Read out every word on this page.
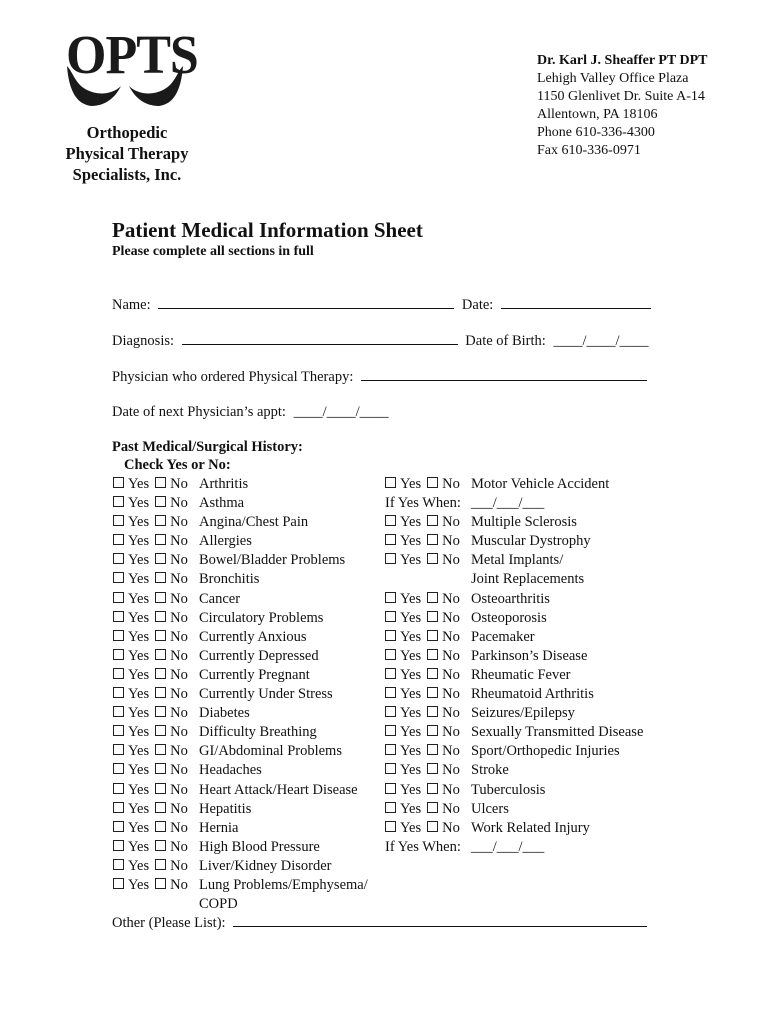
OPTS
Orthopedic
Physical Therapy
Specialists, Inc.
Dr. Karl J. Sheaffer PT DPT
Lehigh Valley Office Plaza
1150 Glenlivet Dr. Suite A-14
Allentown, PA 18106
Phone 610-336-4300
Fax 610-336-0971
Patient Medical Information Sheet
Please complete all sections in full
Name:	Date:
Diagnosis:	Date of Birth: ____/____/____
Physician who ordered Physical Therapy:
Date of next Physician’s appt: ____/____/____
Past Medical/Surgical History:
Check Yes or No:
Yes No Arthritis
Yes No Asthma
Yes No Angina/Chest Pain
Yes No Allergies
Yes No Bowel/Bladder Problems
Yes No Bronchitis
Yes No Cancer
Yes No Circulatory Problems
Yes No Currently Anxious
Yes No Currently Depressed
Yes No Currently Pregnant
Yes No Currently Under Stress
Yes No Diabetes
Yes No Difficulty Breathing
Yes No GI/Abdominal Problems
Yes No Headaches
Yes No Heart Attack/Heart Disease
Yes No Hepatitis
Yes No Hernia
Yes No High Blood Pressure
Yes No Liver/Kidney Disorder
Yes No Lung Problems/Emphysema/
COPD
Yes No Motor Vehicle Accident
If Yes When: ___/___/___
Yes No Multiple Sclerosis
Yes No Muscular Dystrophy
Yes No Metal Implants/
Joint Replacements
Yes No Osteoarthritis
Yes No Osteoporosis
Yes No Pacemaker
Yes No Parkinson’s Disease
Yes No Rheumatic Fever
Yes No Rheumatoid Arthritis
Yes No Seizures/Epilepsy
Yes No Sexually Transmitted Disease
Yes No Sport/Orthopedic Injuries
Yes No Stroke
Yes No Tuberculosis
Yes No Ulcers
Yes No Work Related Injury
If Yes When: ___/___/___
Other (Please List):
